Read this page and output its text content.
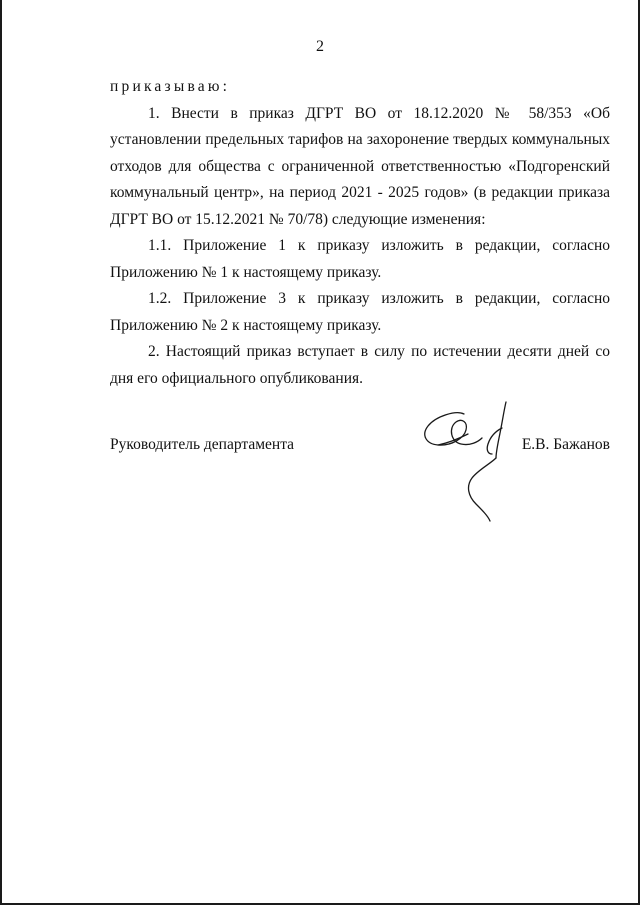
2

приказываю:

1. Внести в приказ ДГРТ ВО от 18.12.2020 № 58/353 «Об установлении предельных тарифов на захоронение твердых коммунальных отходов для общества с ограниченной ответственностью «Подгоренский коммунальный центр», на период 2021 - 2025 годов» (в редакции приказа ДГРТ ВО от 15.12.2021 № 70/78) следующие изменения:

1.1. Приложение 1 к приказу изложить в редакции, согласно Приложению № 1 к настоящему приказу.

1.2. Приложение 3 к приказу изложить в редакции, согласно Приложению № 2 к настоящему приказу.

2. Настоящий приказ вступает в силу по истечении десяти дней со дня его официального опубликования.

Руководитель департамента	Е.В. Бажанов
